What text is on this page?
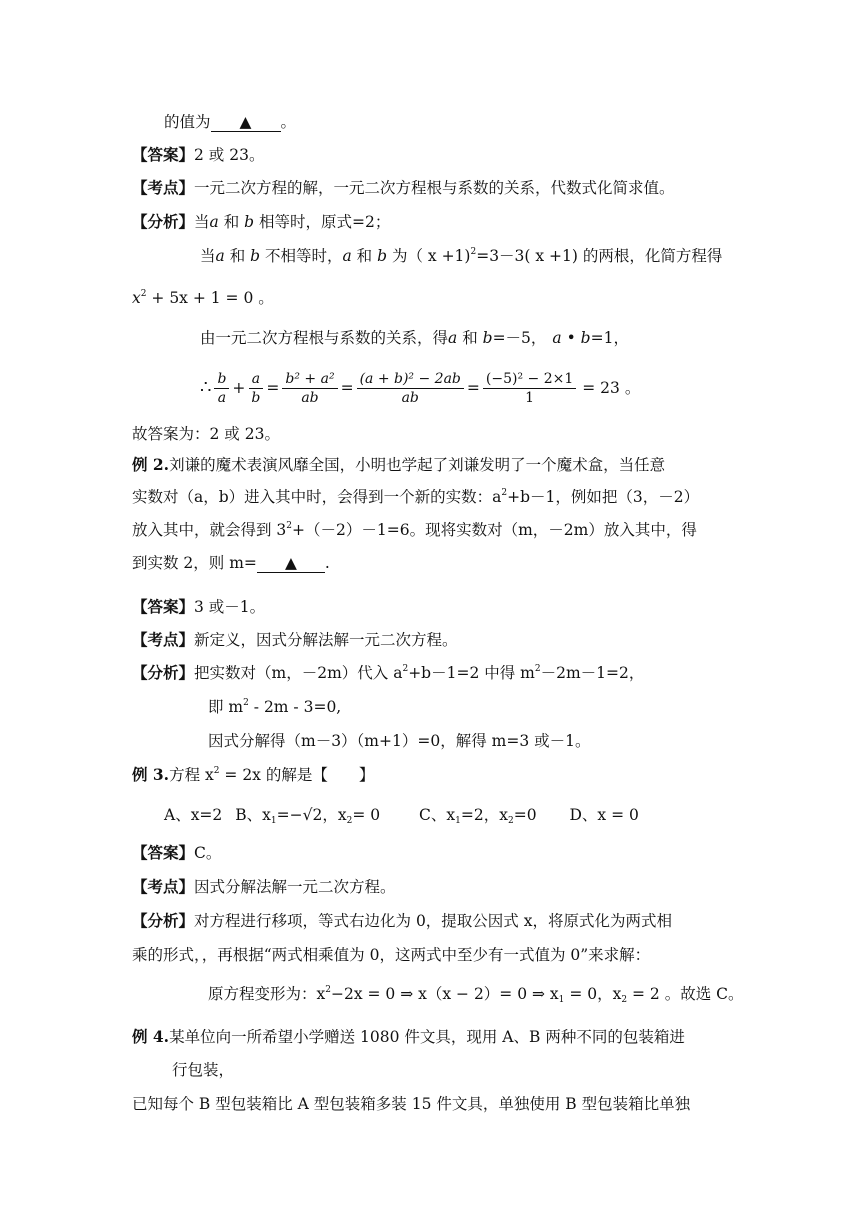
的值为 ▲ 。
【答案】2 或 23。
【考点】一元二次方程的解，一元二次方程根与系数的关系，代数式化简求值。
【分析】当a 和 b 相等时，原式=2；
当a 和 b 不相等时，a 和 b 为（ x +1)$^2$=3－3( x +1) 的两根，化简方程得
$x^2 + 5x + 1 = 0$ 。
由一元二次方程根与系数的关系，得a 和 b=－5， a • b=1，
∴ $\frac{b}{a} + \frac{a}{b} = \frac{\text{b² + a²}}{ab} = \frac{\text{(a + b)² − 2ab}}{ab} = \frac{\text{(−5)² − 2×1}}{1} = 23$ 。
故答案为：2 或 23。
例 2.刘谦的魔术表演风靡全国，小明也学起了刘谦发明了一个魔术盒，当任意
实数对（a，b）进入其中时，会得到一个新的实数：$a^2+b-1$，例如把（3，－2）
放入其中，就会得到 $3^2+(-2)-1=6$。现将实数对（m，－2m）放入其中，得
到实数 2，则 m= ▲ .
【答案】3 或－1。
【考点】新定义，因式分解法解一元二次方程。
【分析】把实数对（m，－2m）代入 $a^2+b-1=2$ 中得 $m^2-2m-1=2$，
即 $m^2 - 2m - 3=0$,
因式分解得（m－3）（m+1）=0，解得 m=3 或－1。
例 3.方程 $x^2 = 2x$ 的解是【　　】
A、x=2 B、$x_1=-√2$，$x_2= 0$	C、$x_1=2$，$x_2=0$ D、x = 0
【答案】C。
【考点】因式分解法解一元二次方程。
【分析】对方程进行移项，等式右边化为 0，提取公因式 x，将原式化为两式相
乘的形式，，再根据“两式相乘值为 0，这两式中至少有一式值为 0”来求解：
原方程变形为：$x^2-2x = 0$ ⇒ x（x − 2）= 0 ⇒ $x_1 = 0$，$x_2 = 2$ 。故选 C。
例 4.某单位向一所希望小学赠送 1080 件文具，现用 A、B 两种不同的包装箱进
行包装，
已知每个 B 型包装箱比 A 型包装箱多装 15 件文具，单独使用 B 型包装箱比单独
